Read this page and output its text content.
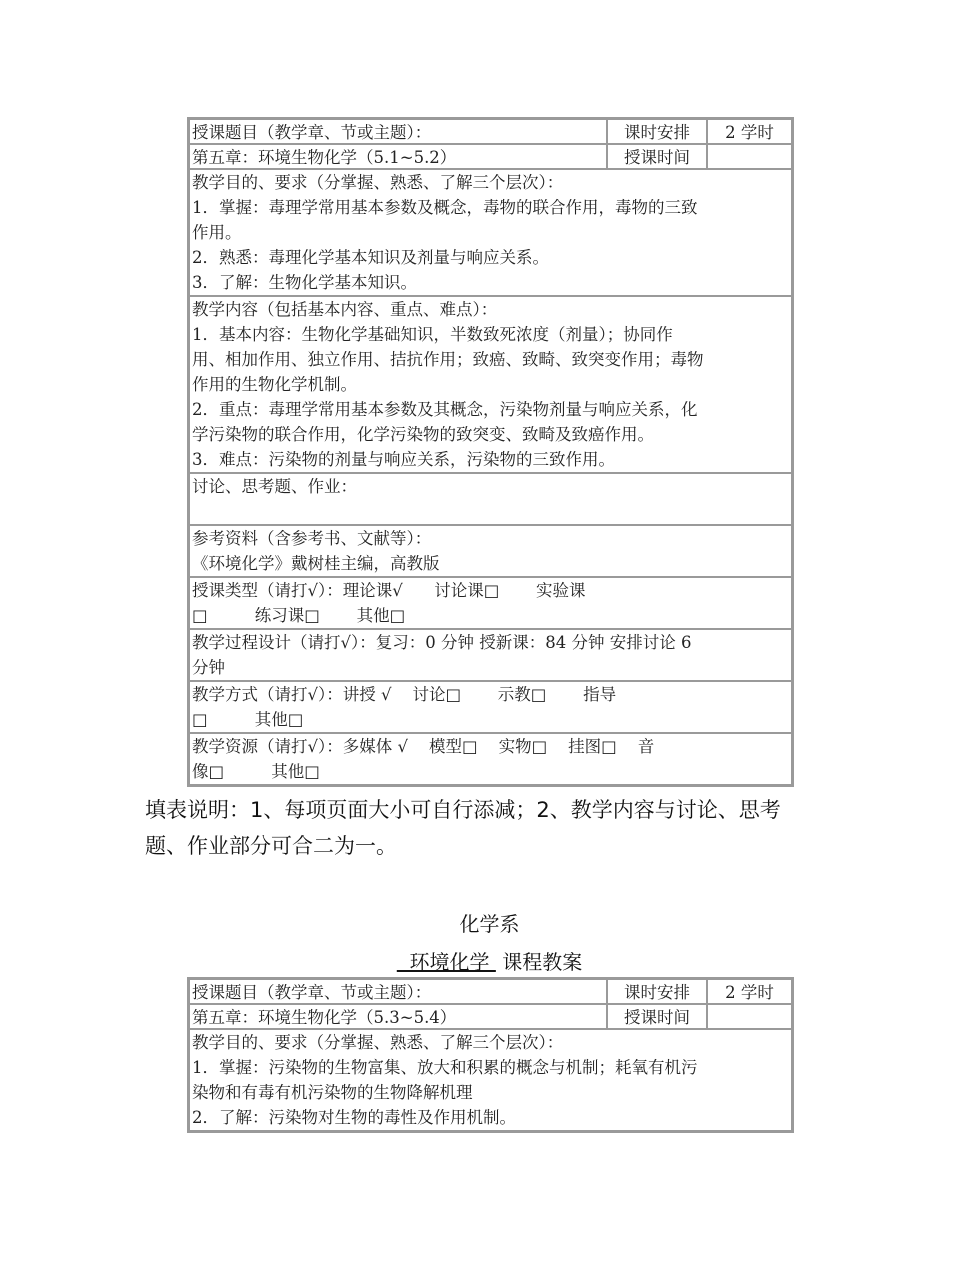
授课题目（教学章、节或主题）：	课时安排	2 学时
第五章：环境生物化学（5.1~5.2）	授课时间

教学目的、要求（分掌握、熟悉、了解三个层次）：

1．掌握：毒理学常用基本参数及概念，毒物的联合作用，毒物的三致

作用。

2．熟悉：毒理化学基本知识及剂量与响应关系。

3．了解：生物化学基本知识。

教学内容（包括基本内容、重点、难点）：

1．基本内容：生物化学基础知识，半数致死浓度（剂量）；协同作

用、相加作用、独立作用、拮抗作用；致癌、致畸、致突变作用；毒物

作用的生物化学机制。

2．重点：毒理学常用基本参数及其概念，污染物剂量与响应关系，化

学污染物的联合作用，化学污染物的致突变、致畸及致癌作用。

3．难点：污染物的剂量与响应关系，污染物的三致作用。

讨论、思考题、作业：

参考资料（含参考书、文献等）：

《环境化学》戴树桂主编，高教版

授课类型（请打√）：理论课√      讨论课□       实验课

□         练习课□       其他□

教学过程设计（请打√）：复习：0 分钟 授新课：84 分钟 安排讨论 6

分钟

教学方式（请打√）：讲授 √    讨论□       示教□       指导

□         其他□

教学资源（请打√）：多媒体 √    模型□    实物□    挂图□    音

像□         其他□

填表说明：1、每项页面大小可自行添减；2、教学内容与讨论、思考
题、作业部分可合二为一。
化学系
环境化学 课程教案
授课题目（教学章、节或主题）：	课时安排	2 学时
第五章：环境生物化学（5.3~5.4）	授课时间

教学目的、要求（分掌握、熟悉、了解三个层次）：

1．掌握：污染物的生物富集、放大和积累的概念与机制；耗氧有机污

染物和有毒有机污染物的生物降解机理

2．了解：污染物对生物的毒性及作用机制。
